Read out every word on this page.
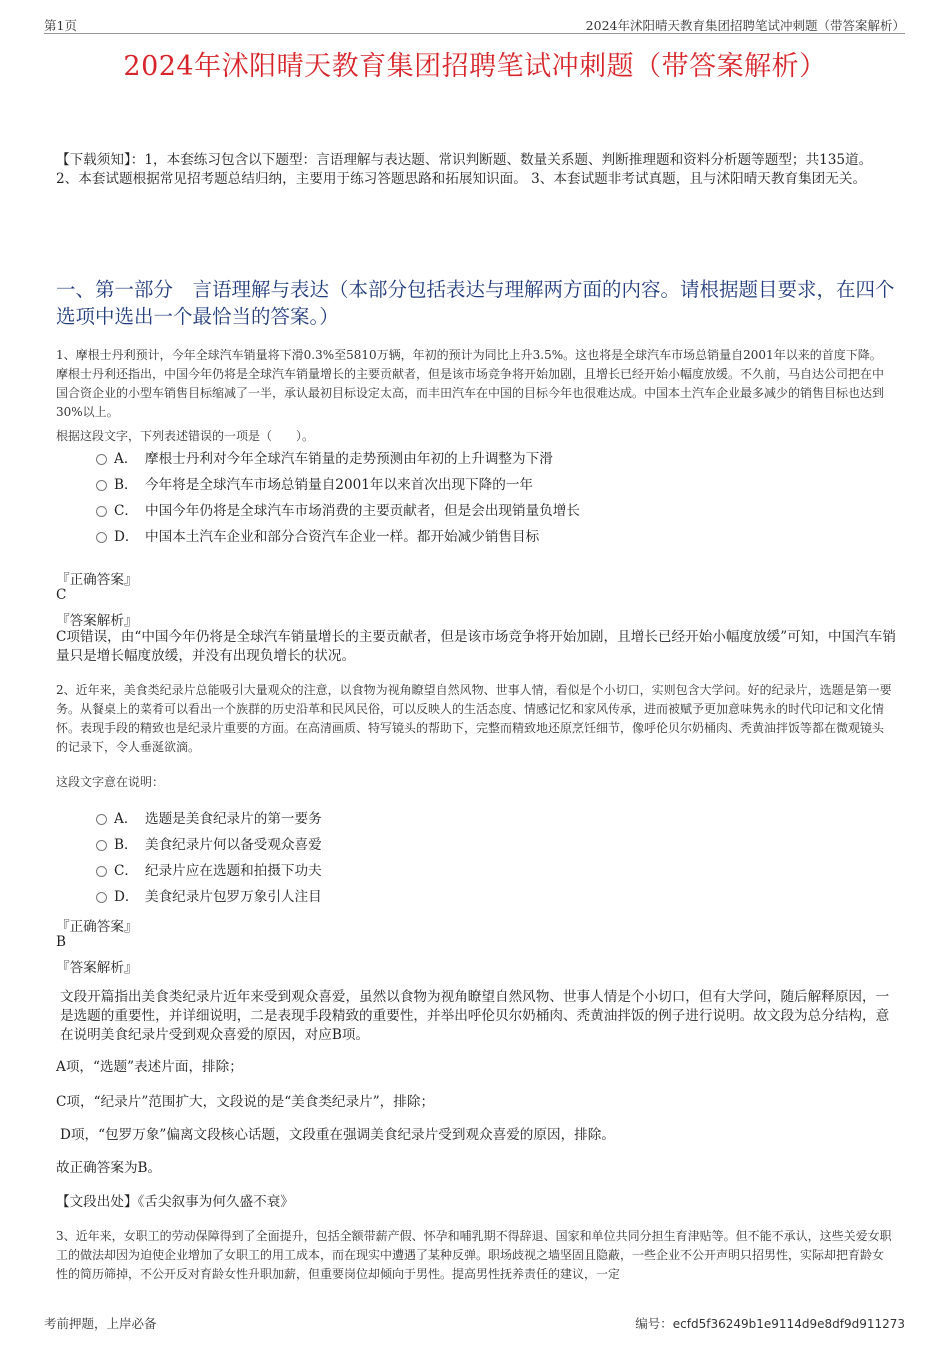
第1页	2024年沭阳晴天教育集团招聘笔试冲刺题（带答案解析）
2024年沭阳晴天教育集团招聘笔试冲刺题（带答案解析）
【下载须知】：1，本套练习包含以下题型：言语理解与表达题、常识判断题、数量关系题、判断推理题和资料分析题等题型；共135道。 2、本套试题根据常见招考题总结归纳，主要用于练习答题思路和拓展知识面。 3、本套试题非考试真题，且与沭阳晴天教育集团无关。
一、第一部分　言语理解与表达（本部分包括表达与理解两方面的内容。请根据题目要求，在四个选项中选出一个最恰当的答案。）
1、摩根士丹利预计，今年全球汽车销量将下滑0.3%至5810万辆，年初的预计为同比上升3.5%。这也将是全球汽车市场总销量自2001年以来的首度下降。摩根士丹利还指出，中国今年仍将是全球汽车销量增长的主要贡献者，但是该市场竞争将开始加剧，且增长已经开始小幅度放缓。不久前，马自达公司把在中国合资企业的小型车销售目标缩减了一半，承认最初目标设定太高，而丰田汽车在中国的目标今年也很难达成。中国本土汽车企业最多减少的销售目标也达到30%以上。
根据这段文字，下列表述错误的一项是（　　）。
A． 摩根士丹利对今年全球汽车销量的走势预测由年初的上升调整为下滑
B． 今年将是全球汽车市场总销量自2001年以来首次出现下降的一年
C． 中国今年仍将是全球汽车市场消费的主要贡献者，但是会出现销量负增长
D． 中国本土汽车企业和部分合资汽车企业一样。都开始减少销售目标
『正确答案』
C
『答案解析』
C项错误，由“中国今年仍将是全球汽车销量增长的主要贡献者，但是该市场竞争将开始加剧，且增长已经开始小幅度放缓”可知，中国汽车销量只是增长幅度放缓，并没有出现负增长的状况。
2、近年来，美食类纪录片总能吸引大量观众的注意，以食物为视角瞭望自然风物、世事人情，看似是个小切口，实则包含大学问。好的纪录片，选题是第一要务。从餐桌上的菜肴可以看出一个族群的历史沿革和民风民俗，可以反映人的生活态度、情感记忆和家风传承，进而被赋予更加意味隽永的时代印记和文化情怀。表现手段的精致也是纪录片重要的方面。在高清画质、特写镜头的帮助下，完整而精致地还原烹饪细节，像呼伦贝尔奶桶肉、秃黄油拌饭等都在微观镜头的记录下，令人垂涎欲滴。
这段文字意在说明：
A． 选题是美食纪录片的第一要务
B． 美食纪录片何以备受观众喜爱
C． 纪录片应在选题和拍摄下功夫
D． 美食纪录片包罗万象引人注目
『正确答案』
B
『答案解析』
文段开篇指出美食类纪录片近年来受到观众喜爱，虽然以食物为视角瞭望自然风物、世事人情是个小切口，但有大学问，随后解释原因，一是选题的重要性，并详细说明，二是表现手段精致的重要性，并举出呼伦贝尔奶桶肉、秃黄油拌饭的例子进行说明。故文段为总分结构，意在说明美食纪录片受到观众喜爱的原因，对应B项。
A项，“选题”表述片面，排除；
C项，“纪录片”范围扩大，文段说的是“美食类纪录片”，排除；
D项，“包罗万象”偏离文段核心话题，文段重在强调美食纪录片受到观众喜爱的原因，排除。
故正确答案为B。
【文段出处】《舌尖叙事为何久盛不衰》
3、近年来，女职工的劳动保障得到了全面提升，包括全额带薪产假、怀孕和哺乳期不得辞退、国家和单位共同分担生育津贴等。但不能不承认，这些关爱女职工的做法却因为迫使企业增加了女职工的用工成本，而在现实中遭遇了某种反弹。职场歧视之墙坚固且隐蔽，一些企业不公开声明只招男性，实际却把育龄女性的简历筛掉，不公开反对育龄女性升职加薪，但重要岗位却倾向于男性。提高男性抚养责任的建议，一定
考前押题，上岸必备	编号：ecfd5f36249b1e9114d9e8df9d911273
